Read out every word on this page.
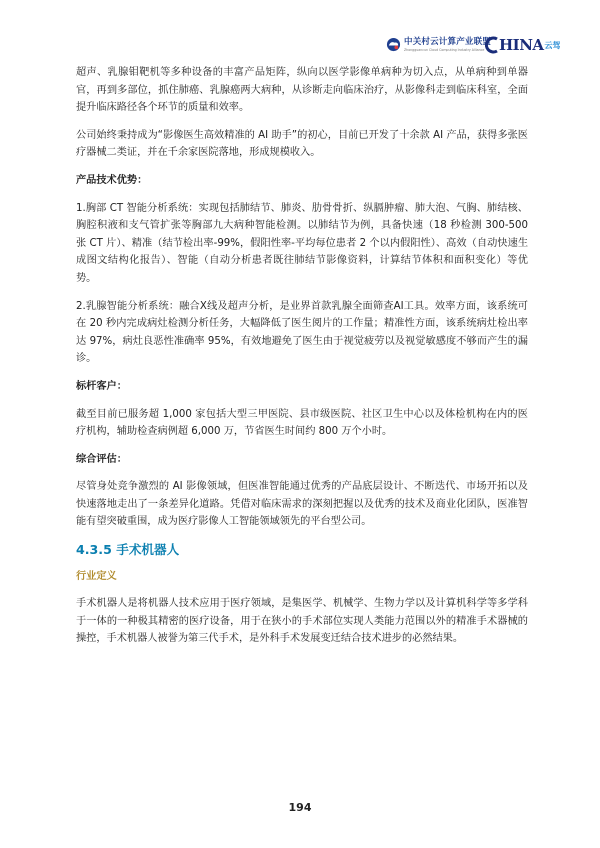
中关村云计算产业联盟
Zhongguancun Cloud Computing Industry Alliance HINA 云驾

超声、乳腺钼靶机等多种设备的丰富产品矩阵，纵向以医学影像单病种为切入点，从单病种到单器官，再到多部位，抓住肺癌、乳腺癌两大病种，从诊断走向临床治疗，从影像科走到临床科室，全面提升临床路径各个环节的质量和效率。

公司始终秉持成为“影像医生高效精准的 AI 助手”的初心，目前已开发了十余款 AI 产品，获得多张医疗器械二类证，并在千余家医院落地，形成规模收入。

产品技术优势：

1.胸部 CT 智能分析系统：实现包括肺结节、肺炎、肋骨骨折、纵膈肿瘤、肺大泡、气胸、肺结核、胸腔积液和支气管扩张等胸部九大病种智能检测。以肺结节为例，具备快速（18 秒检测 300-500 张 CT 片）、精准（结节检出率-99%，假阳性率-平均每位患者 2 个以内假阳性）、高效（自动快速生成图文结构化报告）、智能（自动分析患者既往肺结节影像资料，计算结节体积和面积变化）等优势。

2.乳腺智能分析系统：融合X线及超声分析，是业界首款乳腺全面筛查AI工具。效率方面，该系统可在 20 秒内完成病灶检测分析任务，大幅降低了医生阅片的工作量；精准性方面，该系统病灶检出率达 97%，病灶良恶性准确率 95%，有效地避免了医生由于视觉疲劳以及视觉敏感度不够而产生的漏诊。

标杆客户：

截至目前已服务超 1,000 家包括大型三甲医院、县市级医院、社区卫生中心以及体检机构在内的医疗机构，辅助检查病例超 6,000 万，节省医生时间约 800 万个小时。

综合评估：

尽管身处竞争激烈的 AI 影像领域，但医准智能通过优秀的产品底层设计、不断迭代、市场开拓以及快速落地走出了一条差异化道路。凭借对临床需求的深刻把握以及优秀的技术及商业化团队，医准智能有望突破重围，成为医疗影像人工智能领域领先的平台型公司。

4.3.5 手术机器人
行业定义

手术机器人是将机器人技术应用于医疗领域，是集医学、机械学、生物力学以及计算机科学等多学科于一体的一种极其精密的医疗设备，用于在狭小的手术部位实现人类能力范围以外的精准手术器械的操控，手术机器人被誉为第三代手术，是外科手术发展变迁结合技术进步的必然结果。

194
